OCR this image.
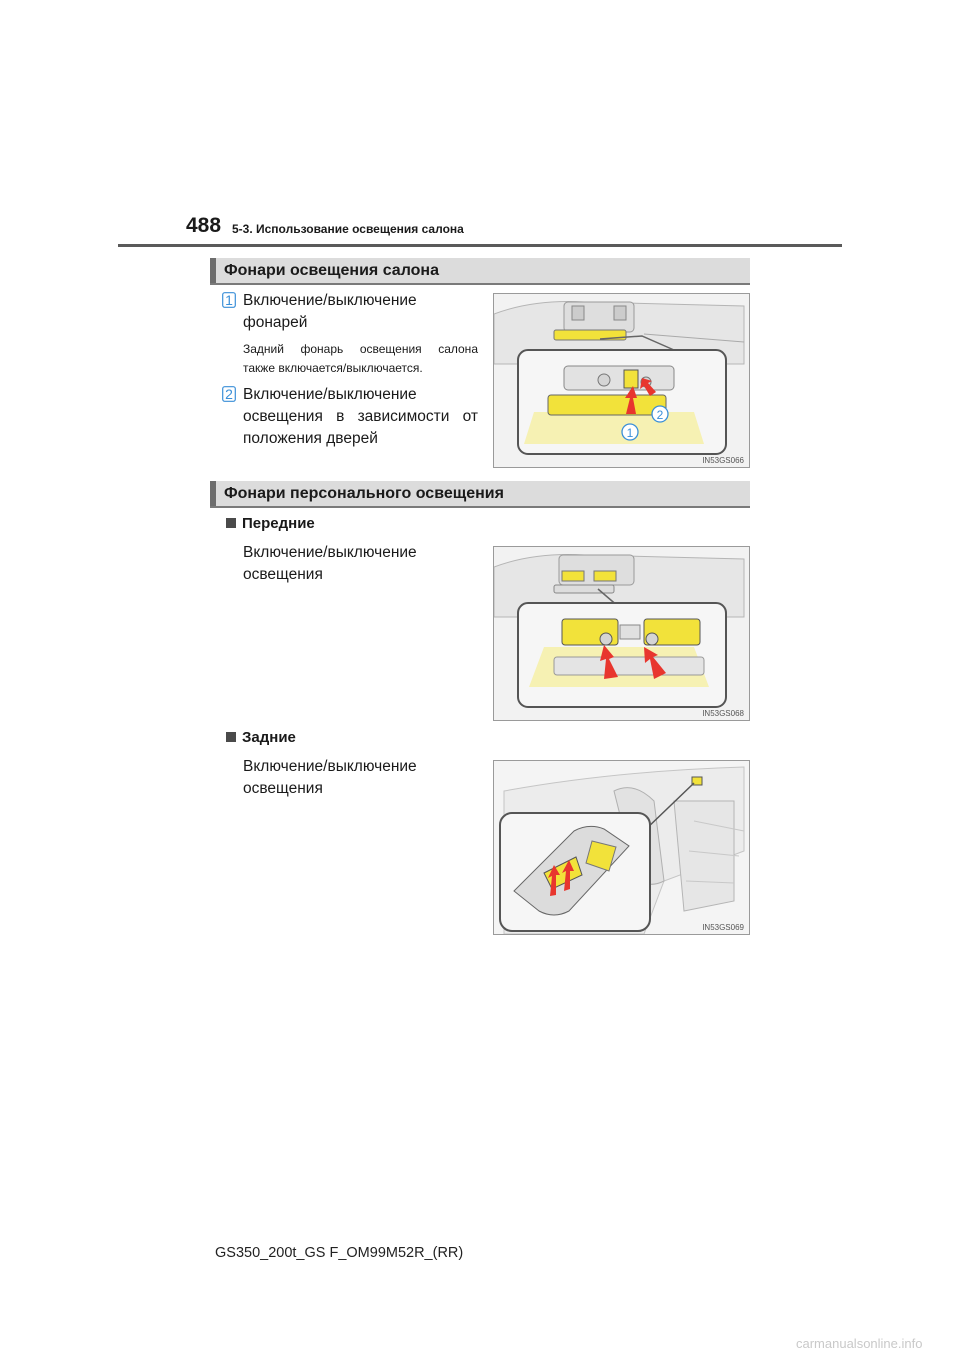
488 5-3. Использование освещения салона
Фонари освещения салона
1 Включение/выключение
фонарей
Задний фонарь освещения салона
также включается/выключается.
2 Включение/выключение
освещения в зависимости от
положения дверей
2
1
IN53GS066
Фонари персонального освещения
Передние
Включение/выключение
освещения
IN53GS068
Задние
Включение/выключение
освещения
IN53GS069
GS350_200t_GS F_OM99M52R_(RR)
carmanualsonline.info
